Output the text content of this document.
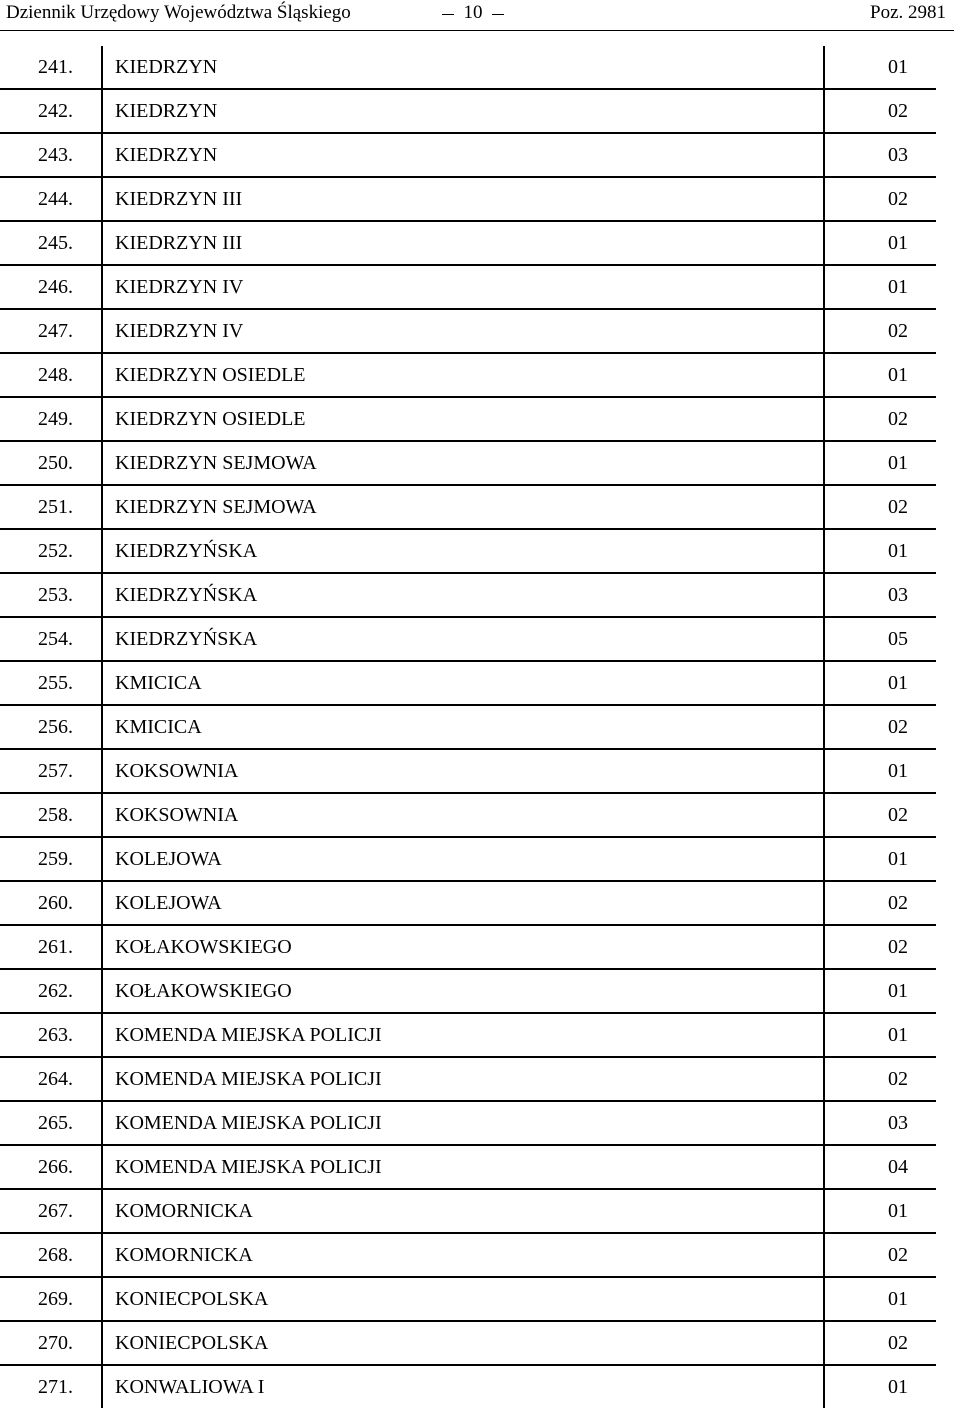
Dziennik Urzędowy Województwa Śląskiego	10	Poz. 2981
241.	KIEDRZYN	01
242.	KIEDRZYN	02
243.	KIEDRZYN	03
244.	KIEDRZYN III	02
245.	KIEDRZYN III	01
246.	KIEDRZYN IV	01
247.	KIEDRZYN IV	02
248.	KIEDRZYN OSIEDLE	01
249.	KIEDRZYN OSIEDLE	02
250.	KIEDRZYN SEJMOWA	01
251.	KIEDRZYN SEJMOWA	02
252.	KIEDRZYŃSKA	01
253.	KIEDRZYŃSKA	03
254.	KIEDRZYŃSKA	05
255.	KMICICA	01
256.	KMICICA	02
257.	KOKSOWNIA	01
258.	KOKSOWNIA	02
259.	KOLEJOWA	01
260.	KOLEJOWA	02
261.	KOŁAKOWSKIEGO	02
262.	KOŁAKOWSKIEGO	01
263.	KOMENDA MIEJSKA POLICJI	01
264.	KOMENDA MIEJSKA POLICJI	02
265.	KOMENDA MIEJSKA POLICJI	03
266.	KOMENDA MIEJSKA POLICJI	04
267.	KOMORNICKA	01
268.	KOMORNICKA	02
269.	KONIECPOLSKA	01
270.	KONIECPOLSKA	02
271.	KONWALIOWA I	01
